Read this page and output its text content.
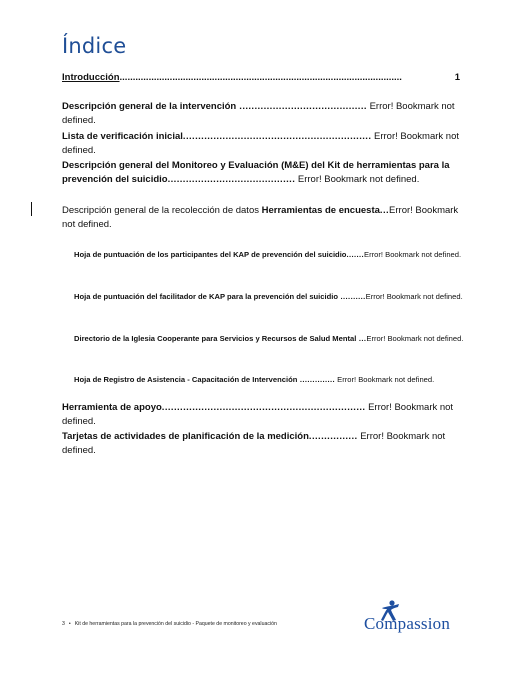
Índice
Introducción...........................................................................................................	1
Descripción general de la intervención .......................................... Error! Bookmark not defined.
Lista de verificación inicial.............................................................. Error! Bookmark not defined.
Descripción general del Monitoreo y Evaluación (M&E) del Kit de herramientas para la prevención del suicidio.......................................... Error! Bookmark not defined.
Descripción general de la recolección de datos Herramientas de encuesta...Error! Bookmark not defined.
Hoja de puntuación de los participantes del KAP de prevención del suicidio.......Error! Bookmark not defined.
Hoja de puntuación del facilitador de KAP para la prevención del suicidio ..........Error! Bookmark not defined.
Directorio de la Iglesia Cooperante para Servicios y Recursos de Salud Mental ...Error! Bookmark not defined.
Hoja de Registro de Asistencia - Capacitación de Intervención .............. Error! Bookmark not defined.
Herramienta de apoyo................................................................... Error! Bookmark not defined.
Tarjetas de actividades de planificación de la medición................ Error! Bookmark not defined.
3 • Kit de herramientas para la prevención del suicidio - Paquete de monitoreo y evaluación	Compassion
